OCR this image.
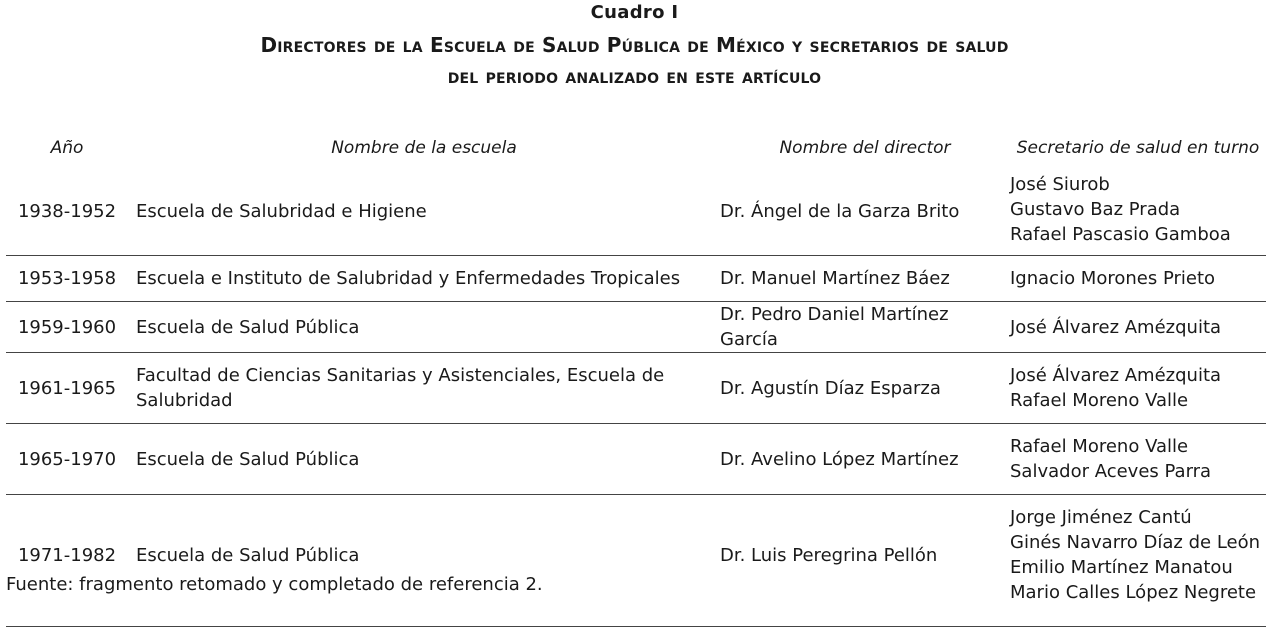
Cuadro I
Directores de la Escuela de Salud Pública de México y secretarios de salud
del periodo analizado en este artículo
Año	Nombre de la escuela	Nombre del director	Secretario de salud en turno
1938-1952	Escuela de Salubridad e Higiene	Dr. Ángel de la Garza Brito	José Siurob
Gustavo Baz Prada
Rafael Pascasio Gamboa

1953-1958	Escuela e Instituto de Salubridad y Enfermedades Tropicales	Dr. Manuel Martínez Báez	Ignacio Morones Prieto

1959-1960	Escuela de Salud Pública	Dr. Pedro Daniel Martínez García	José Álvarez Amézquita

1961-1965	Facultad de Ciencias Sanitarias y Asistenciales, Escuela de Salubridad	Dr. Agustín Díaz Esparza	José Álvarez Amézquita
Rafael Moreno Valle

1965-1970	Escuela de Salud Pública	Dr. Avelino López Martínez	Rafael Moreno Valle
Salvador Aceves Parra

1971-1982	Escuela de Salud Pública	Dr. Luis Peregrina Pellón	Jorge Jiménez Cantú
Ginés Navarro Díaz de León
Emilio Martínez Manatou
Mario Calles López Negrete
Fuente: fragmento retomado y completado de referencia 2.
